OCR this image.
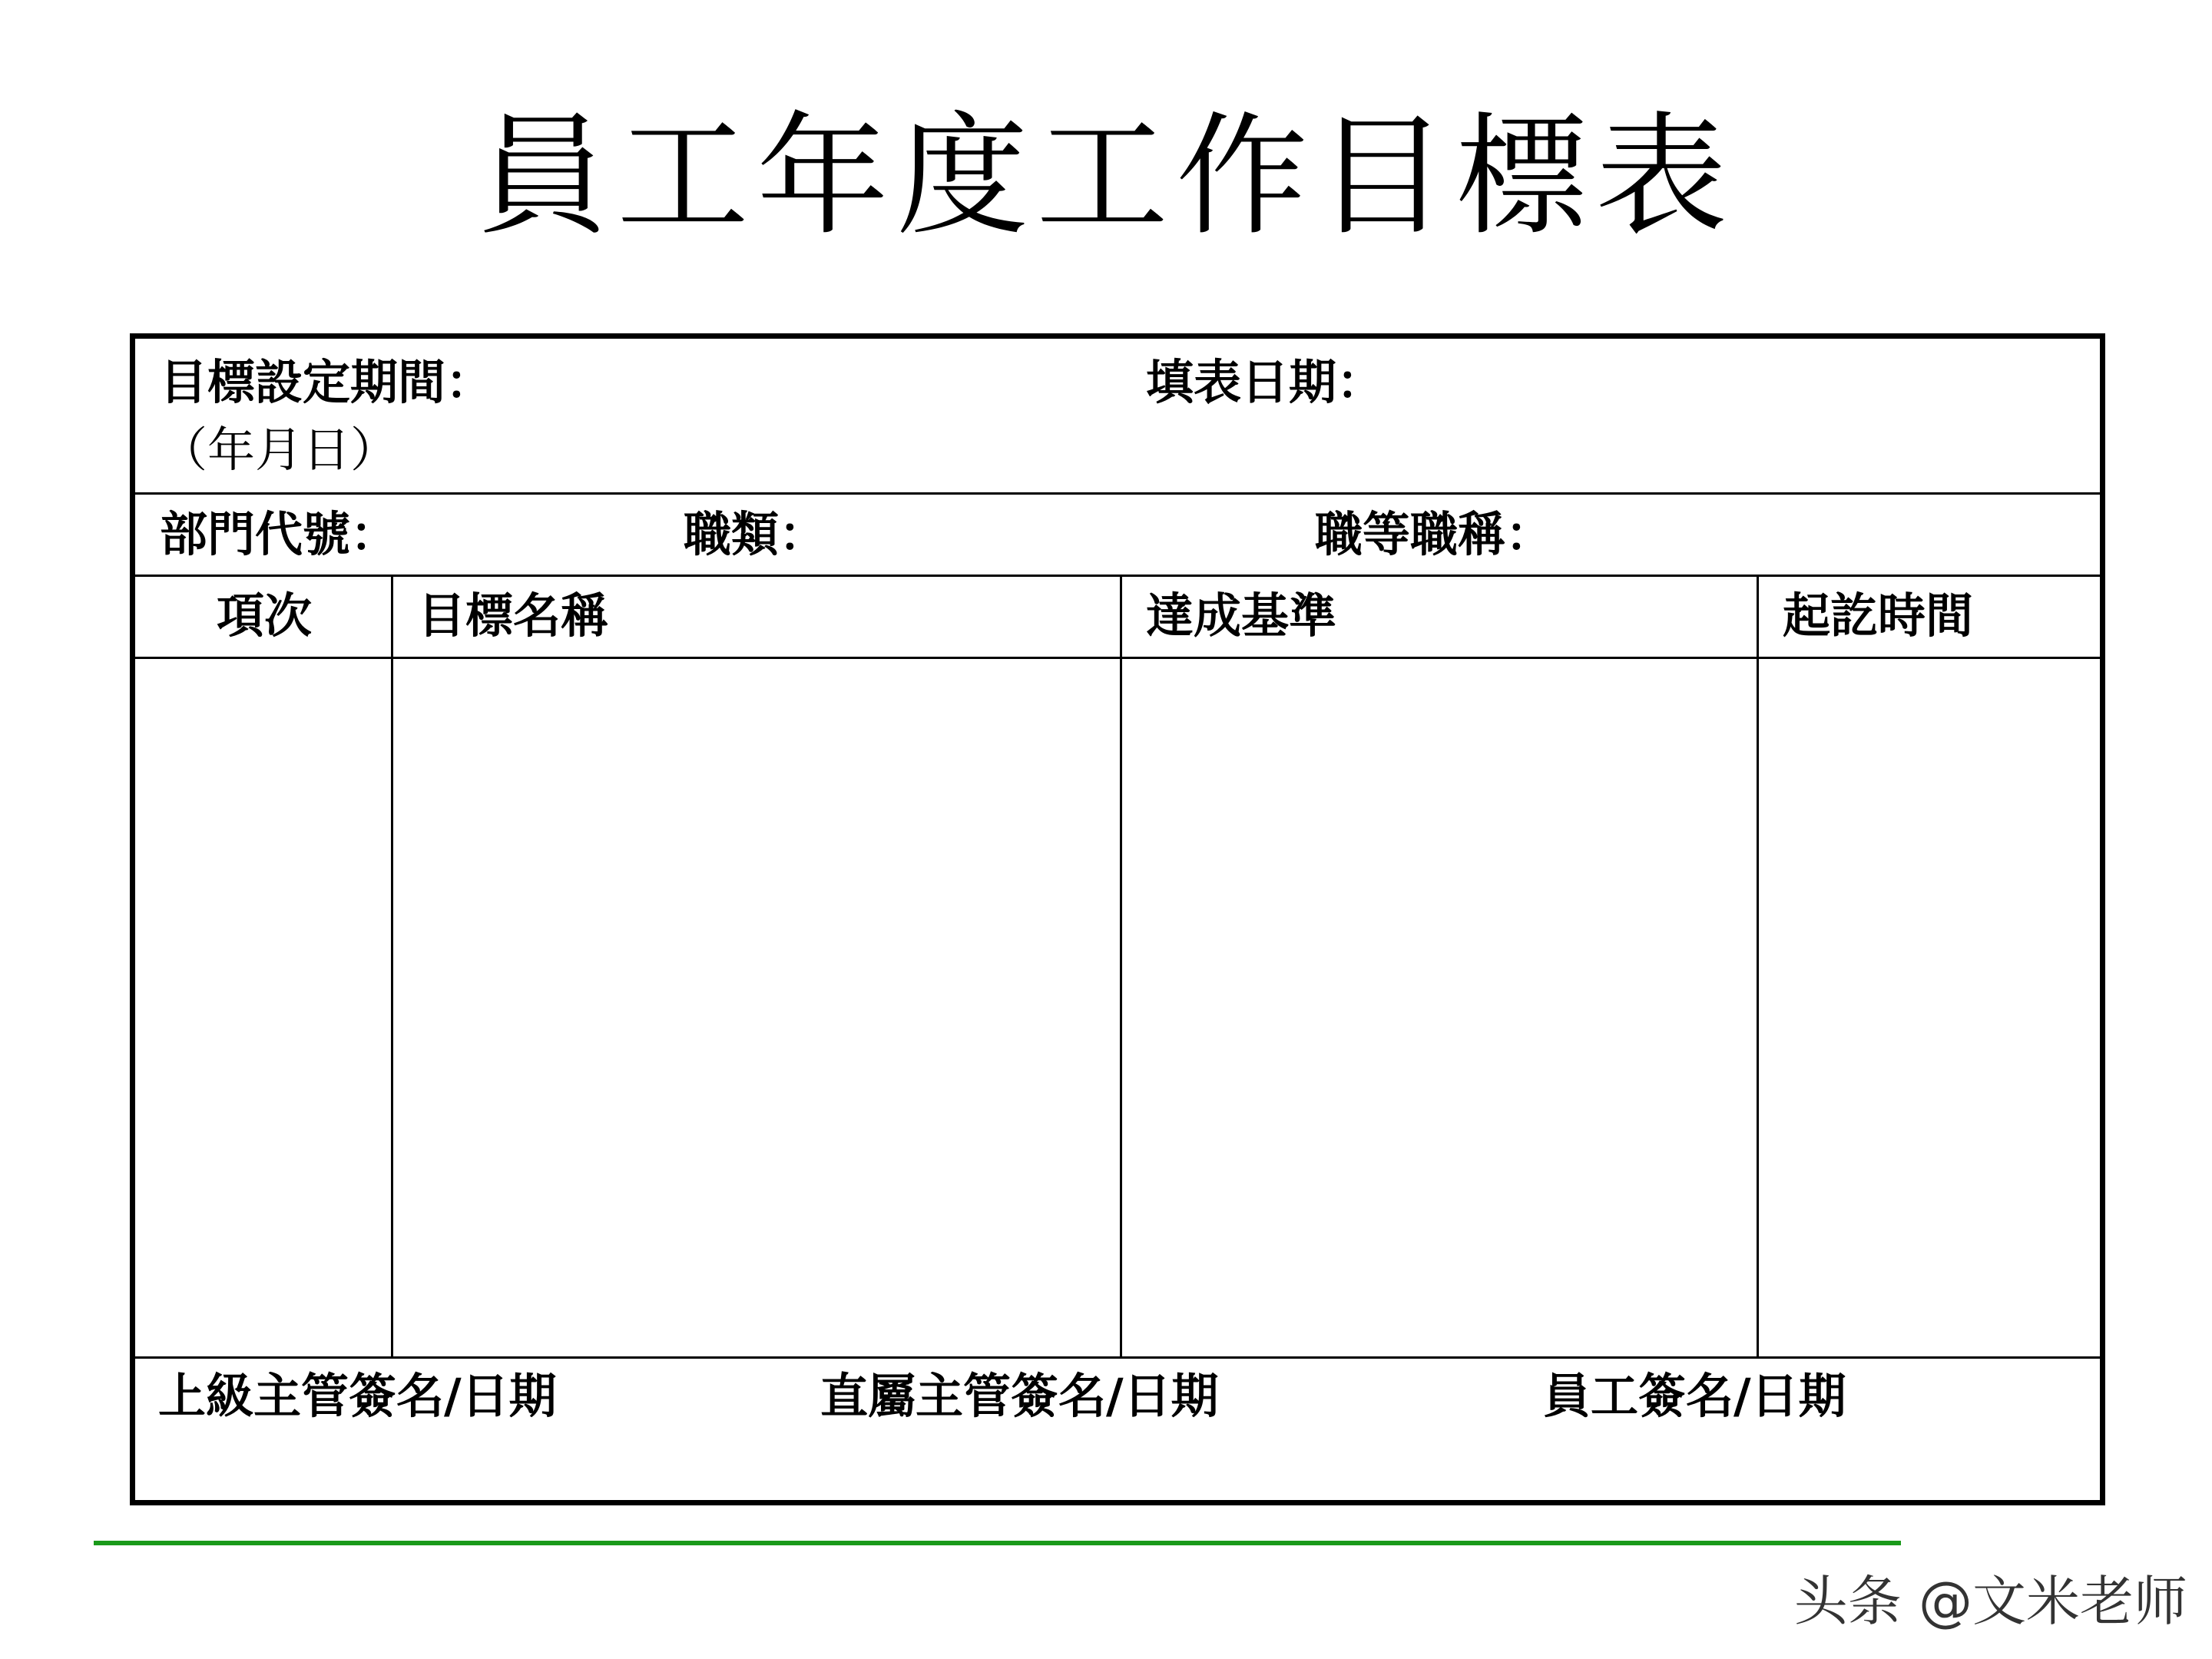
員工年度工作目標表
目標設定期間：
（年月日）
填表日期：
部門代號：	職類：	職等職稱：
項次 目標名稱	達成基準	起訖時間
上級主管簽名/日期	直屬主管簽名/日期	員工簽名/日期
头条 @文米老师
